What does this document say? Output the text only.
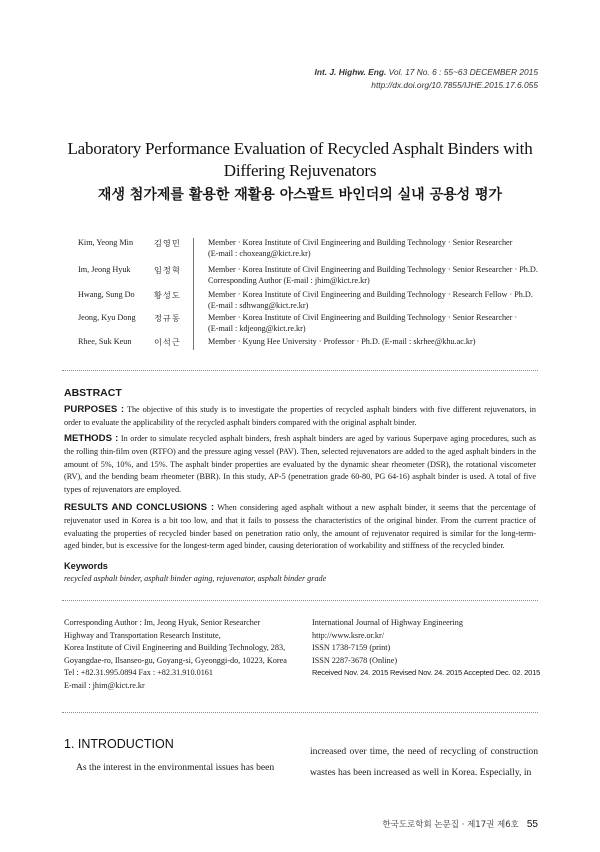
Int. J. Highw. Eng. Vol. 17 No. 6 : 55~63 DECEMBER 2015
http://dx.doi.org/10.7855/IJHE.2015.17.6.055
Laboratory Performance Evaluation of Recycled Asphalt Binders with Differing Rejuvenators
재생 첨가제를 활용한 재활용 아스팔트 바인더의 실내 공용성 평가
Kim, Yeong Min	김영민	Member · Korea Institute of Civil Engineering and Building Technology · Senior Researcher
(E-mail : choxeang@kict.re.kr)
Im, Jeong Hyuk	임정혁	Member · Korea Institute of Civil Engineering and Building Technology · Senior Researcher · Ph.D.
Corresponding Author (E-mail : jhim@kict.re.kr)
Hwang, Sung Do 황성도	Member · Korea Institute of Civil Engineering and Building Technology · Research Fellow · Ph.D.
(E-mail : sdhwang@kict.re.kr)
Jeong, Kyu Dong 정규동	Member · Korea Institute of Civil Engineering and Building Technology · Senior Researcher ·
(E-mail : kdjeong@kict.re.kr)
Rhee, Suk Keun	이석근	Member · Kyung Hee University · Professor · Ph.D. (E-mail : skrhee@khu.ac.kr)
ABSTRACT
PURPOSES : The objective of this study is to investigate the properties of recycled asphalt binders with five different rejuvenators, in order to evaluate the applicability of the recycled asphalt binders compared with the original asphalt binder.
METHODS : In order to simulate recycled asphalt binders, fresh asphalt binders are aged by various Superpave aging procedures, such as the rolling thin-film oven (RTFO) and the pressure aging vessel (PAV). Then, selected rejuvenators are added to the aged asphalt binders in the amount of 5%, 10%, and 15%. The asphalt binder properties are evaluated by the dynamic shear rheometer (DSR), the rotational viscometer (RV), and the bending beam rheometer (BBR). In this study, AP-5 (penetration grade 60-80, PG 64-16) asphalt binder is used. A total of five types of rejuvenators are employed.
RESULTS AND CONCLUSIONS : When considering aged asphalt without a new asphalt binder, it seems that the percentage of rejuvenator used in Korea is a bit too low, and that it fails to possess the characteristics of the original binder. From the current practice of evaluating the properties of recycled binder based on penetration ratio only, the amount of rejuvenator required is similar for the long-term-aged binder, but is excessive for the longest-term aged binder, causing deterioration of workability and stiffness of the recycled binder.
Keywords
recycled asphalt binder, asphalt binder aging, rejuvenator, asphalt binder grade
Corresponding Author : Im, Jeong Hyuk, Senior Researcher
Highway and Transportation Research Institute,
Korea Institute of Civil Engineering and Building Technology, 283,
Goyangdae-ro, Ilsanseo-gu, Goyang-si, Gyeonggi-do, 10223, Korea
Tel : +82.31.995.0894 Fax : +82.31.910.0161
E-mail : jhim@kict.re.kr
International Journal of Highway Engineering
http://www.ksre.or.kr/
ISSN 1738-7159 (print)
ISSN 2287-3678 (Online)
Received Nov. 24. 2015 Revised Nov. 24. 2015 Accepted Dec. 02. 2015
1. INTRODUCTION
As the interest in the environmental issues has been
increased over time, the need of recycling of construction wastes has been increased as well in Korea. Especially, in
한국도로학회 논문집 · 제17권 제6호 55
